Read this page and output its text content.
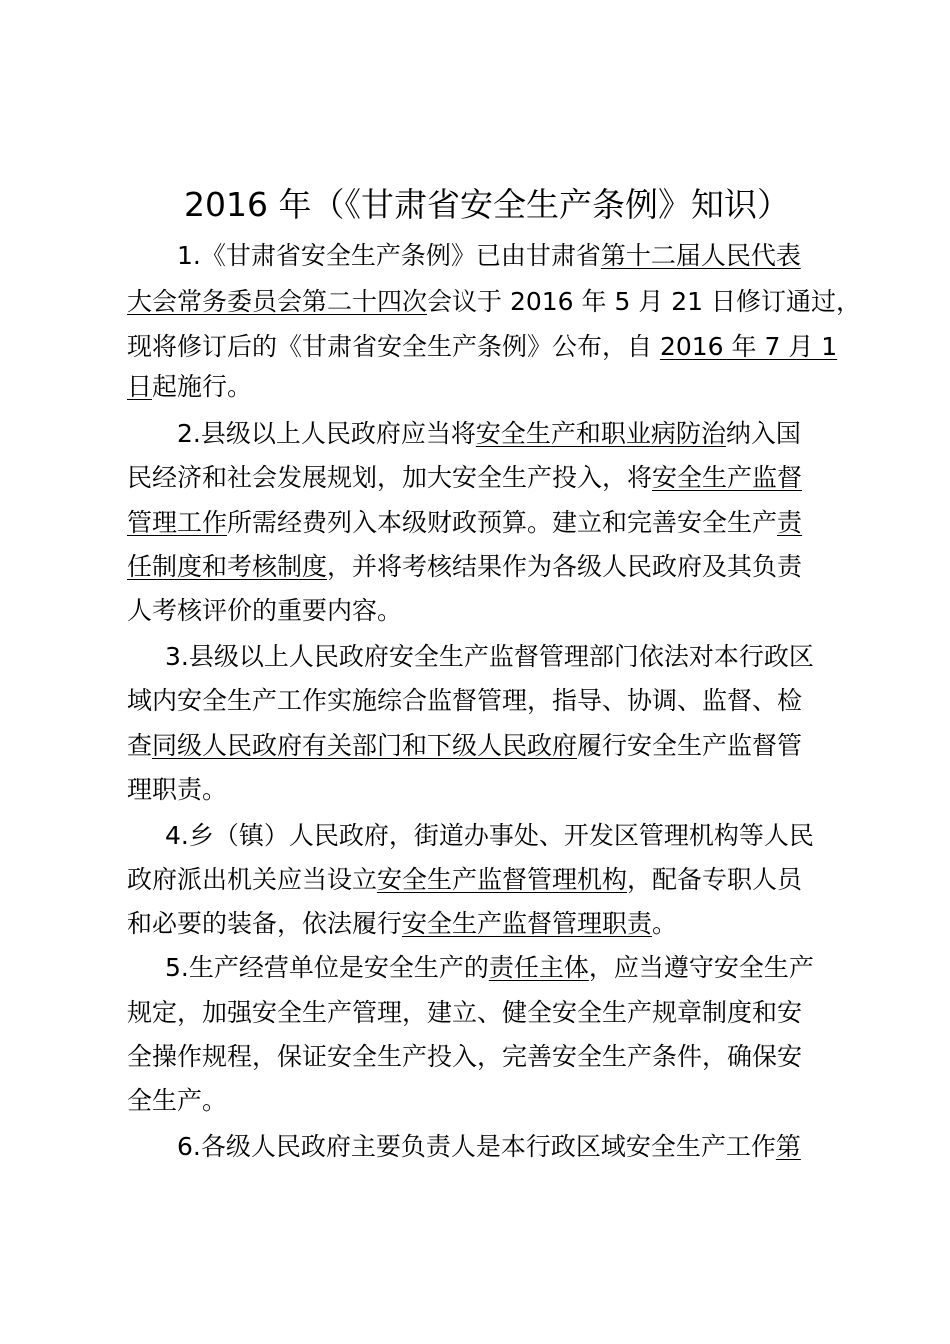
2016 年（《甘肃省安全生产条例》知识）
1.《甘肃省安全生产条例》已由甘肃省第十二届人民代表
大会常务委员会第二十四次会议于 2016 年 5 月 21 日修订通过，
现将修订后的《甘肃省安全生产条例》公布，自 2016 年 7 月 1
日起施行。
2.县级以上人民政府应当将安全生产和职业病防治纳入国
民经济和社会发展规划，加大安全生产投入，将安全生产监督
管理工作所需经费列入本级财政预算。建立和完善安全生产责
任制度和考核制度，并将考核结果作为各级人民政府及其负责
人考核评价的重要内容。
3.县级以上人民政府安全生产监督管理部门依法对本行政区
域内安全生产工作实施综合监督管理，指导、协调、监督、检
查同级人民政府有关部门和下级人民政府履行安全生产监督管
理职责。
4.乡（镇）人民政府，街道办事处、开发区管理机构等人民
政府派出机关应当设立安全生产监督管理机构，配备专职人员
和必要的装备，依法履行安全生产监督管理职责。
5.生产经营单位是安全生产的责任主体，应当遵守安全生产
规定，加强安全生产管理，建立、健全安全生产规章制度和安
全操作规程，保证安全生产投入，完善安全生产条件，确保安
全生产。
6.各级人民政府主要负责人是本行政区域安全生产工作第
